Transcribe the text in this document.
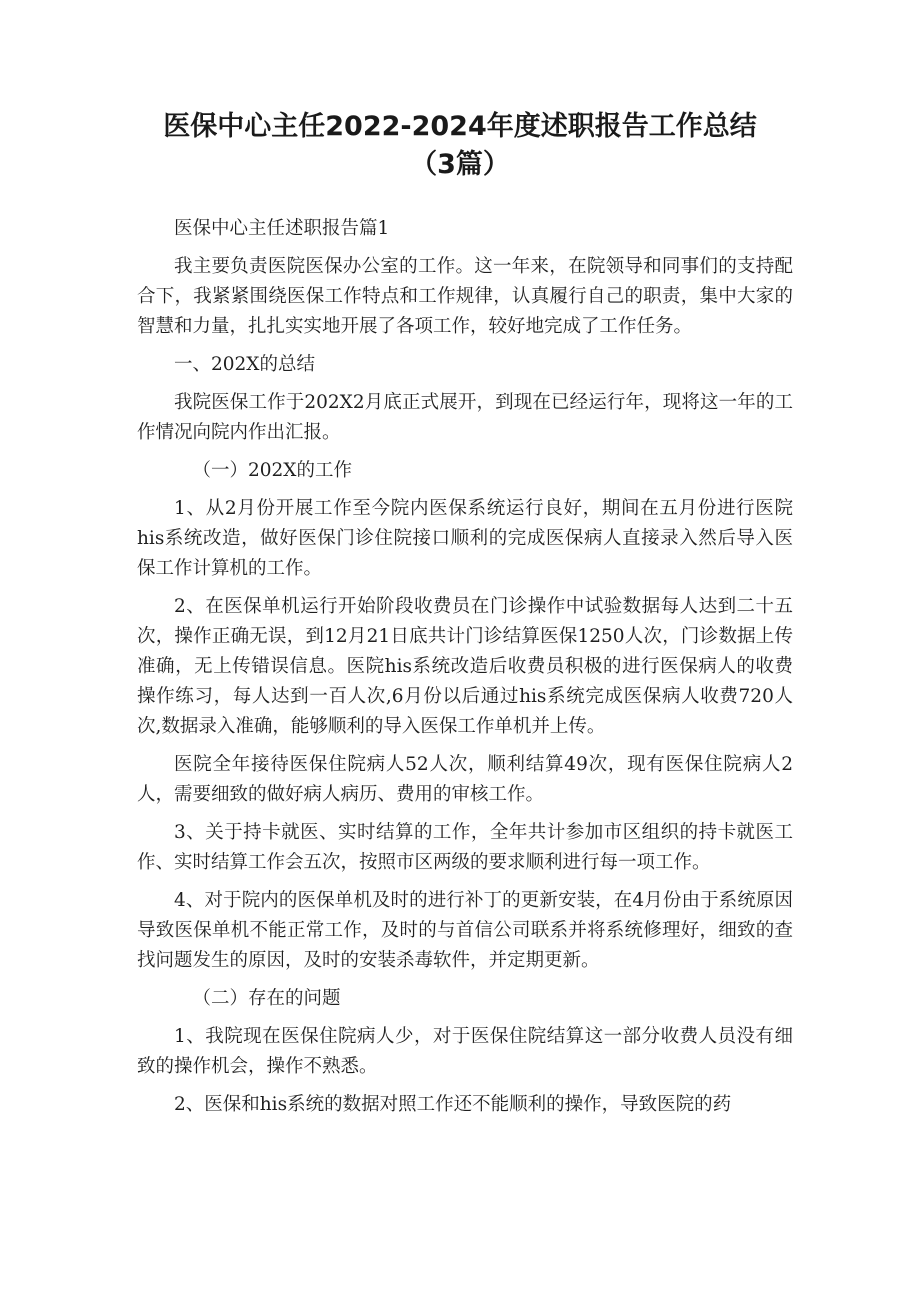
医保中心主任2022-2024年度述职报告工作总结（3篇）

医保中心主任述职报告篇1

我主要负责医院医保办公室的工作。这一年来，在院领导和同事们的支持配合下，我紧紧围绕医保工作特点和工作规律，认真履行自己的职责，集中大家的智慧和力量，扎扎实实地开展了各项工作，较好地完成了工作任务。

一、202X的总结

我院医保工作于202X2月底正式展开，到现在已经运行年，现将这一年的工作情况向院内作出汇报。

（一）202X的工作

1、从2月份开展工作至今院内医保系统运行良好，期间在五月份进行医院his系统改造，做好医保门诊住院接口顺利的完成医保病人直接录入然后导入医保工作计算机的工作。

2、在医保单机运行开始阶段收费员在门诊操作中试验数据每人达到二十五次，操作正确无误，到12月21日底共计门诊结算医保1250人次，门诊数据上传准确，无上传错误信息。医院his系统改造后收费员积极的进行医保病人的收费操作练习，每人达到一百人次,6月份以后通过his系统完成医保病人收费720人次,数据录入准确，能够顺利的导入医保工作单机并上传。

医院全年接待医保住院病人52人次，顺利结算49次，现有医保住院病人2人，需要细致的做好病人病历、费用的审核工作。

3、关于持卡就医、实时结算的工作，全年共计参加市区组织的持卡就医工作、实时结算工作会五次，按照市区两级的要求顺利进行每一项工作。

4、对于院内的医保单机及时的进行补丁的更新安装，在4月份由于系统原因导致医保单机不能正常工作，及时的与首信公司联系并将系统修理好，细致的查找问题发生的原因，及时的安装杀毒软件，并定期更新。

（二）存在的问题

1、我院现在医保住院病人少，对于医保住院结算这一部分收费人员没有细致的操作机会，操作不熟悉。

2、医保和his系统的数据对照工作还不能顺利的操作，导致医院的药
